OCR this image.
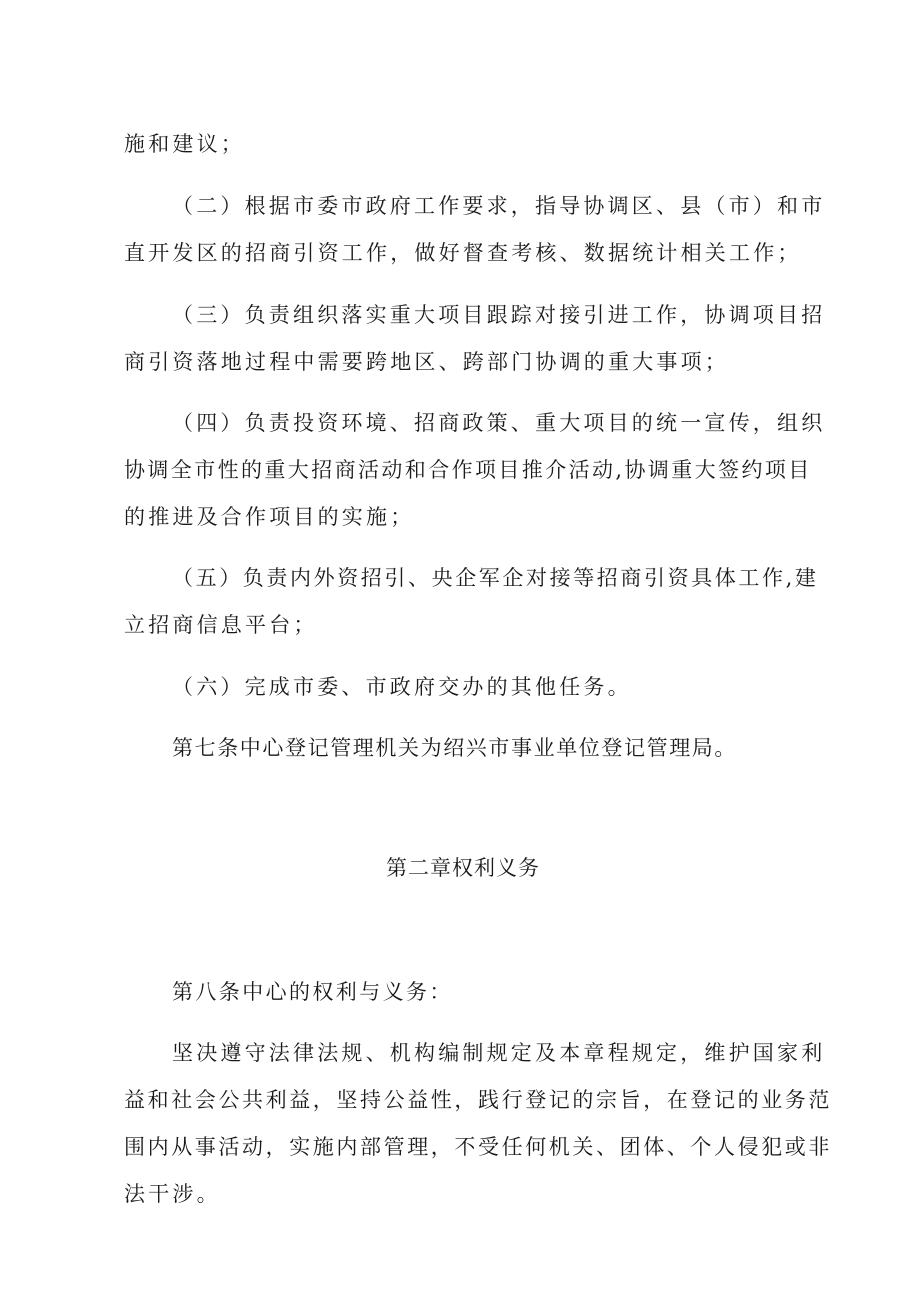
施和建议；

（二）根据市委市政府工作要求，指导协调区、县（市）和市

直开发区的招商引资工作，做好督查考核、数据统计相关工作；

（三）负责组织落实重大项目跟踪对接引进工作，协调项目招

商引资落地过程中需要跨地区、跨部门协调的重大事项；

（四）负责投资环境、招商政策、重大项目的统一宣传，组织

协调全市性的重大招商活动和合作项目推介活动,协调重大签约项目

的推进及合作项目的实施；

（五）负责内外资招引、央企军企对接等招商引资具体工作,建

立招商信息平台；

（六）完成市委、市政府交办的其他任务。

第七条中心登记管理机关为绍兴市事业单位登记管理局。

第二章权利义务

第八条中心的权利与义务：

坚决遵守法律法规、机构编制规定及本章程规定，维护国家利

益和社会公共利益，坚持公益性，践行登记的宗旨，在登记的业务范

围内从事活动，实施内部管理，不受任何机关、团体、个人侵犯或非

法干涉。
